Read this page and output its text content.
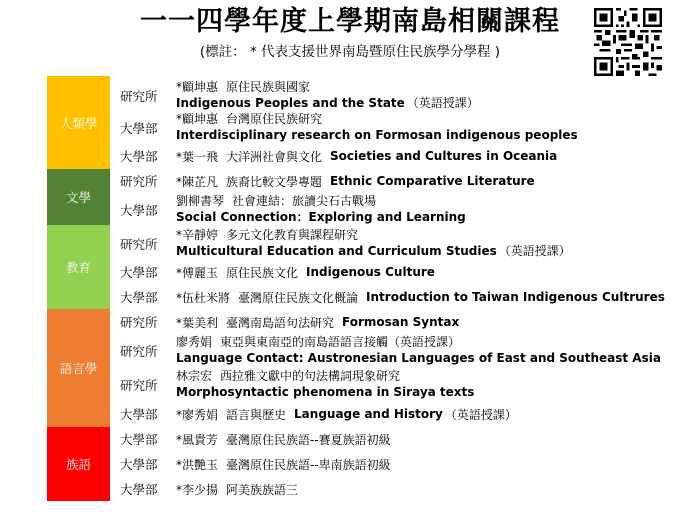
一一四學年度上學期南島相關課程
(標註： * 代表支援世界南島暨原住民族學分學程 )
人類學
文學
教育
語言學
族語
研究所
*顧坤惠 原住民族與國家
Indigenous Peoples and the State （英語授課）
大學部
*顧坤惠 台灣原住民族研究
Interdisciplinary research on Formosan indigenous peoples
大學部 *葉一飛 大洋洲社會與文化 Societies and Cultures in Oceania
研究所 *陳芷凡 族裔比較文學專題 Ethnic Comparative Literature
大學部
劉柳書琴 社會連結：旅讀尖石古戰場
Social Connection：Exploring and Learning
研究所
*辛靜婷 多元文化教育與課程研究
Multicultural Education and Curriculum Studies （英語授課）
大學部 *傅麗玉 原住民族文化 Indigenous Culture
大學部 *伍杜米將 臺灣原住民族文化概論 Introduction to Taiwan Indigenous Cultrures
研究所 *葉美利 臺灣南島語句法研究 Formosan Syntax
研究所
廖秀娟 東亞與東南亞的南島語語言接觸（英語授課）
Language Contact: Austronesian Languages of East and Southeast Asia
研究所
林宗宏 西拉雅文獻中的句法構詞現象研究
Morphosyntactic phenomena in Siraya texts
大學部 *廖秀娟 語言與歷史 Language and History （英語授課）
大學部 *風貴芳 臺灣原住民族語--賽夏族語初級
大學部 *洪艷玉 臺灣原住民族語--卑南族語初級
大學部 *李少揚 阿美族族語三
